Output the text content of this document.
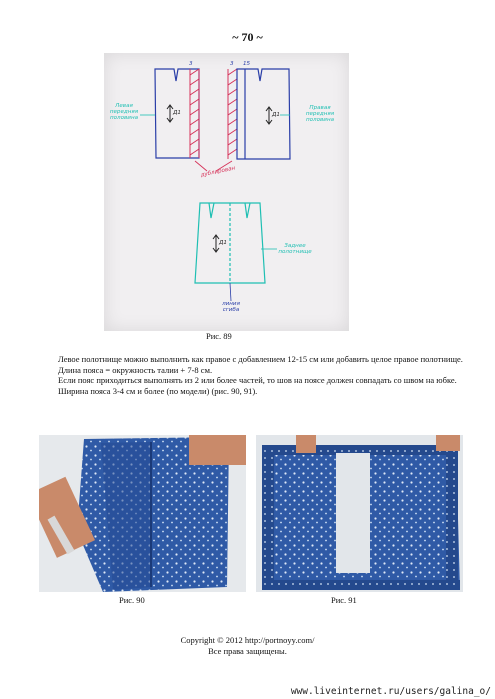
~ 70 ~
3	3 15
Левая передняя половина
Правая передняя половина
дублирован
Заднее полотнище
линия сгиба
Д1	Д1
Д1
Рис. 89

Левое полотнище можно выполнить как правое с добавлением 12-15 см или добавить целое правое полотнище.

Длина пояса = окружность талии + 7-8 см.

Если пояс приходиться выполнять из 2 или более частей, то шов на поясе должен совпадать со швом на юбке.

Ширина пояса 3-4 см и более (по модели) (рис. 90, 91).

Рис. 90	Рис. 91
Copyright © 2012 http://portnoyy.com/
Все права защищены.
www.liveinternet.ru/users/galina_o/
